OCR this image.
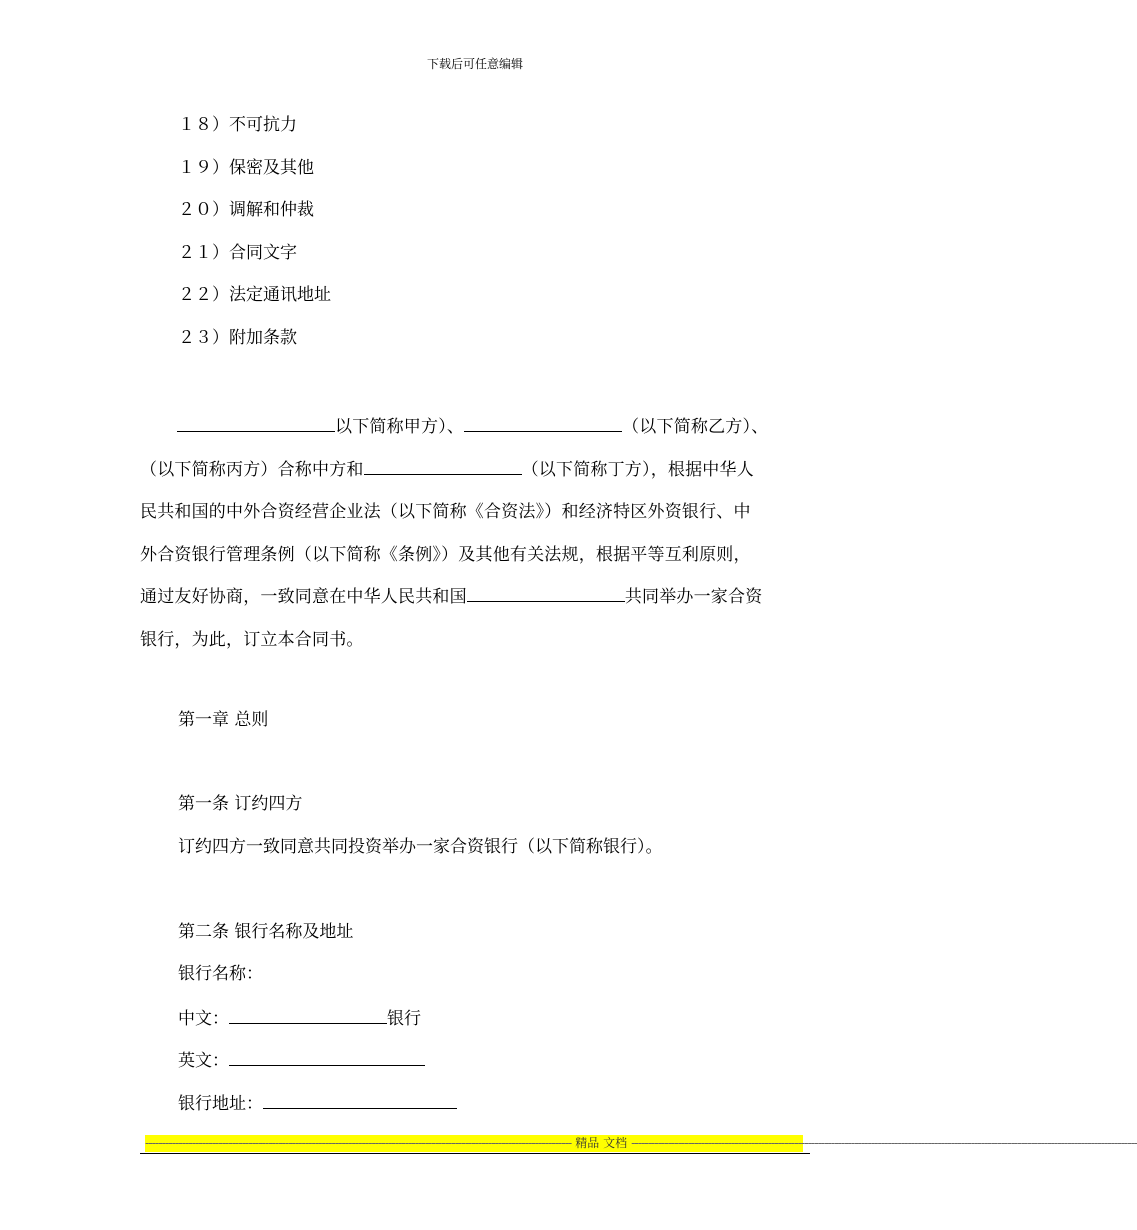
下载后可任意编辑
１８）不可抗力
１９）保密及其他
２０）调解和仲裁
２１）合同文字
２２）法定通讯地址
２３）附加条款
以下简称甲方）、	（以下简称乙方）、
（以下简称丙方）合称中方和	（以下简称丁方），根据中华人
民共和国的中外合资经营企业法（以下简称《合资法》）和经济特区外资银行、中
外合资银行管理条例（以下简称《条例》）及其他有关法规，根据平等互利原则，
通过友好协商，一致同意在中华人民共和国	共同举办一家合资
银行，为此，订立本合同书。
第一章 总则
第一条 订约四方
订约四方一致同意共同投资举办一家合资银行（以下简称银行）。
第二条 银行名称及地址
银行名称：
中文：	银行
英文：
银行地址：
-------------------------------------------------------------------------------------------------------------------------------- 精品 文档 --------------------------------------------------------------------------------------------------------------------------------------------------------
